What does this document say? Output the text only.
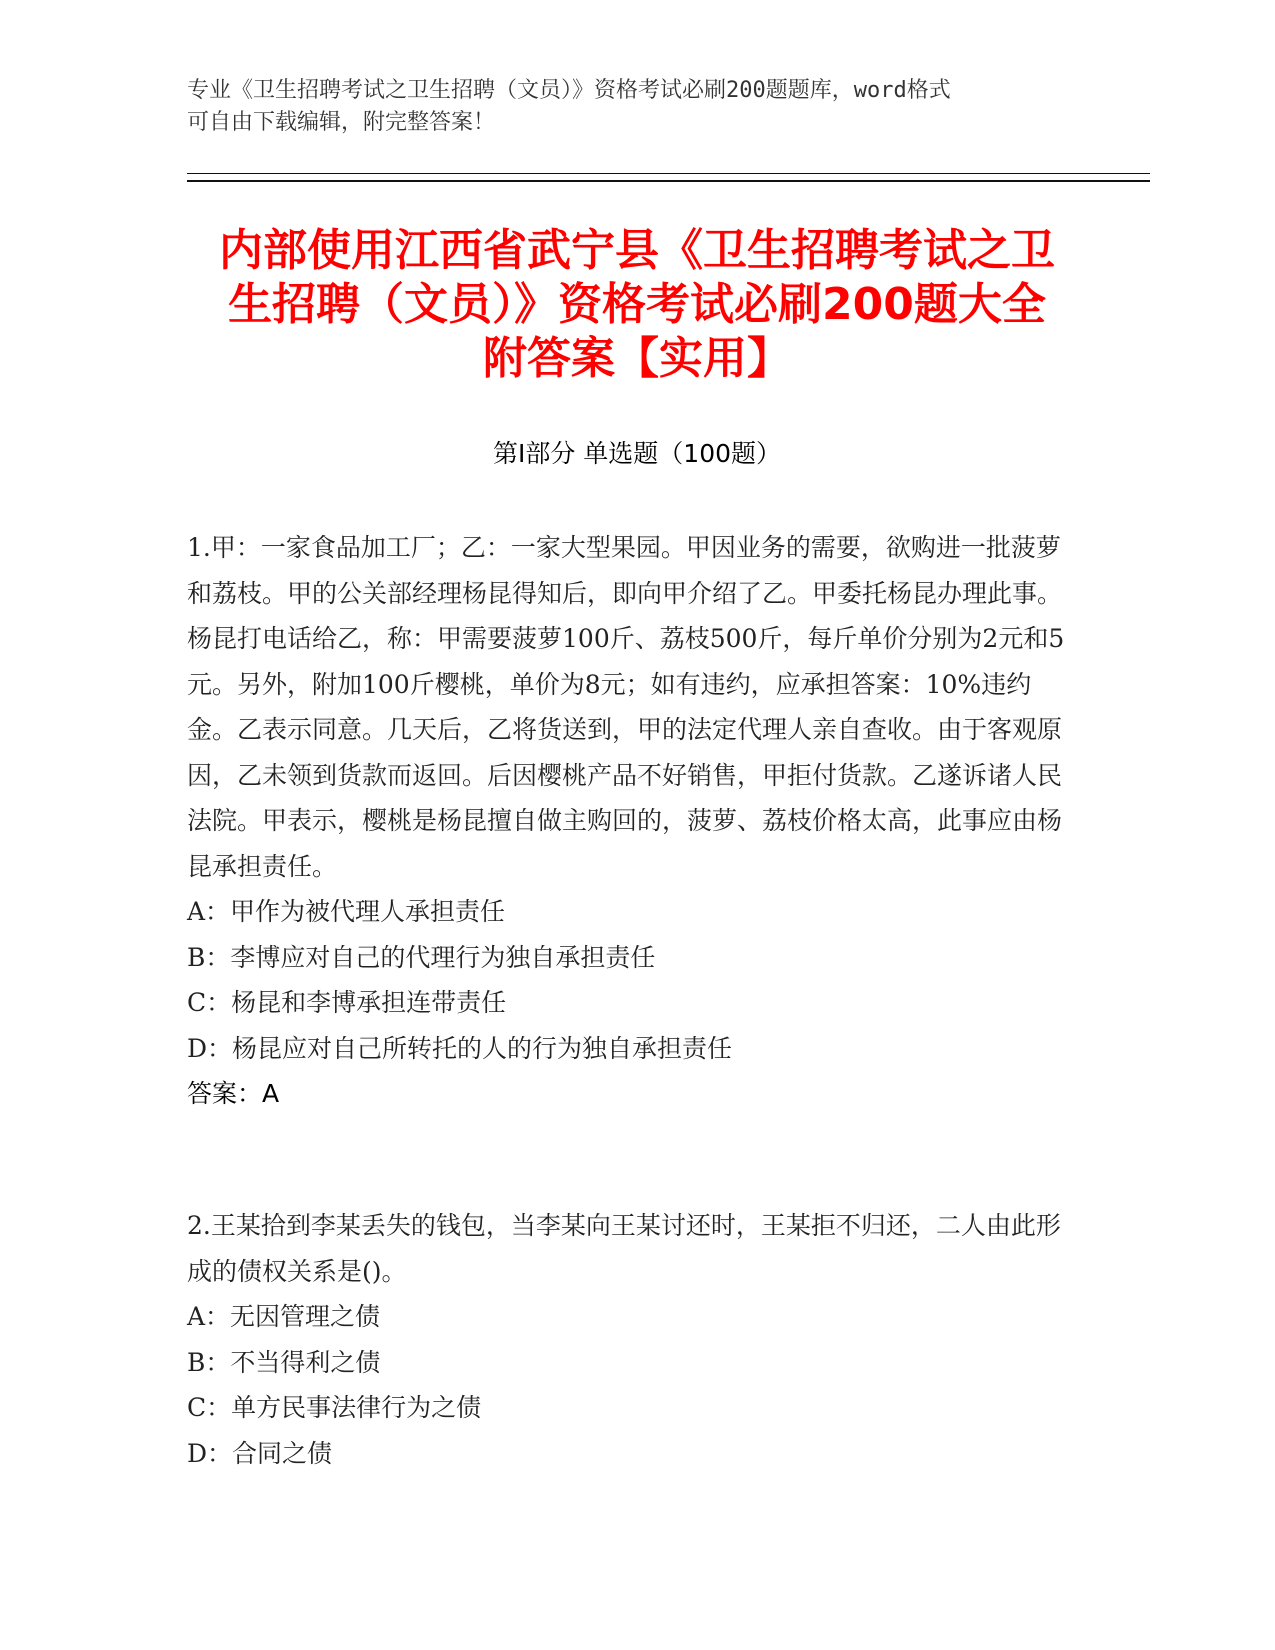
专业《卫生招聘考试之卫生招聘（文员）》资格考试必刷200题题库，word格式
可自由下载编辑，附完整答案！
内部使用江西省武宁县《卫生招聘考试之卫
生招聘（文员）》资格考试必刷200题大全
附答案【实用】
第Ⅰ部分 单选题（100题）
1.甲：一家食品加工厂；乙：一家大型果园。甲因业务的需要，欲购进一批菠萝和荔枝。甲的公关部经理杨昆得知后，即向甲介绍了乙。甲委托杨昆办理此事。杨昆打电话给乙，称：甲需要菠萝100斤、荔枝500斤，每斤单价分别为2元和5元。另外，附加100斤樱桃，单价为8元；如有违约，应承担答案：10%违约金。乙表示同意。几天后，乙将货送到，甲的法定代理人亲自查收。由于客观原因，乙未领到货款而返回。后因樱桃产品不好销售，甲拒付货款。乙遂诉诸人民法院。甲表示，樱桃是杨昆擅自做主购回的，菠萝、荔枝价格太高，此事应由杨昆承担责任。
A：甲作为被代理人承担责任
B：李博应对自己的代理行为独自承担责任
C：杨昆和李博承担连带责任
D：杨昆应对自己所转托的人的行为独自承担责任
答案：A
2.王某拾到李某丢失的钱包，当李某向王某讨还时，王某拒不归还，二人由此形成的债权关系是()。
A：无因管理之债
B：不当得利之债
C：单方民事法律行为之债
D：合同之债
